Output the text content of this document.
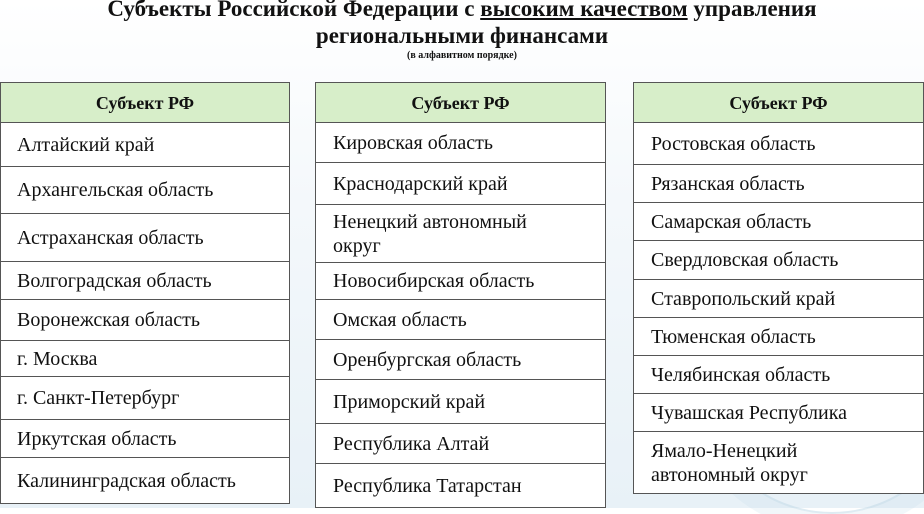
Субъекты Российской Федерации с высоким качеством управления
региональными финансами
(в алфавитном порядке)
Субъект РФ
Алтайский край
Архангельская область
Астраханская область
Волгоградская область
Воронежская область
г. Москва
г. Санкт-Петербург
Иркутская область
Калининградская область
Субъект РФ
Кировская область
Краснодарский край
Ненецкий автономный округ
Новосибирская область
Омская область
Оренбургская область
Приморский край
Республика Алтай
Республика Татарстан
Субъект РФ
Ростовская область
Рязанская область
Самарская область
Свердловская область
Ставропольский край
Тюменская область
Челябинская область
Чувашская Республика
Ямало-Ненецкий автономный округ
